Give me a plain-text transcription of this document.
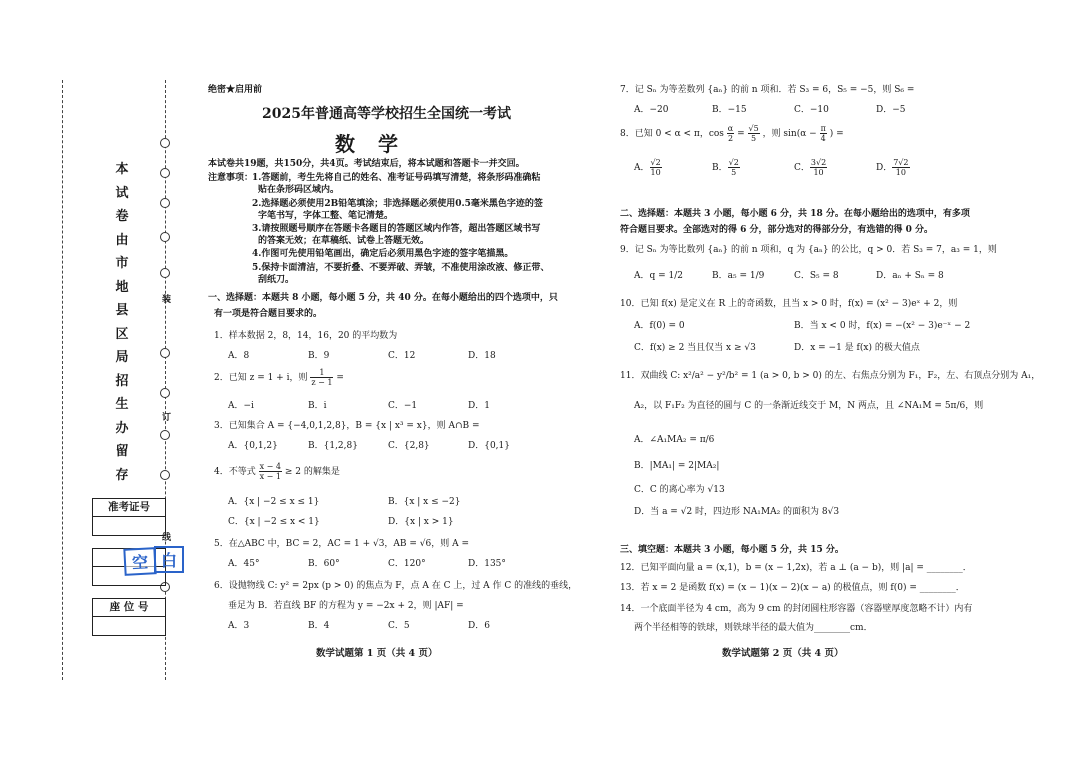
本
试
卷
由
市
地
县
区
局
招
生
办
留
存
装
订
线
准考证号
空 白
座 位 号
绝密★启用前
2025年普通高等学校招生全国统一考试
数 学
本试卷共19题，共150分，共4页。考试结束后，将本试题和答题卡一并交回。
注意事项：
1.答题前，考生先将自己的姓名、准考证号码填写清楚，将条形码准确粘
贴在条形码区域内。
2.选择题必须使用2B铅笔填涂；非选择题必须使用0.5毫米黑色字迹的签
字笔书写，字体工整、笔记清楚。
3.请按照题号顺序在答题卡各题目的答题区域内作答，超出答题区域书写
的答案无效；在草稿纸、试卷上答题无效。
4.作图可先使用铅笔画出，确定后必须用黑色字迹的签字笔描黑。
5.保持卡面清洁，不要折叠、不要弄破、弄皱，不准使用涂改液、修正带、
刮纸刀。
一、选择题：本题共 8 小题，每小题 5 分，共 40 分。在每小题给出的四个选项中，只
有一项是符合题目要求的。
1．样本数据 2，8，14，16，20 的平均数为
A．8	B．9	C．12	D．18
2．已知 z = 1 + i，则 $\frac{1}{z - 1}$ =
A．−i	B．i	C．−1	D．1
3．已知集合 A = {−4,0,1,2,8}，B = {x | x³ = x}，则 A∩B =
A．{0,1,2}	B．{1,2,8}	C．{2,8}	D．{0,1}
4．不等式 $\frac{x - 4}{x - 1} \ge 2$ 的解集是
A．{x | −2 ≤ x ≤ 1}	B．{x | x ≤ −2}
C．{x | −2 ≤ x < 1}	D．{x | x > 1}
5．在△ABC 中，BC = 2，AC = 1 + √3，AB = √6，则 A =
A．45°	B．60°	C．120°	D．135°
6．设抛物线 C: y² = 2px (p > 0) 的焦点为 F，点 A 在 C 上，过 A 作 C 的准线的垂线，
垂足为 B．若直线 BF 的方程为 y = −2x + 2，则 |AF| =
A．3	B．4	C．5	D．6
数学试题第 1 页（共 4 页）
7．记 Sₙ 为等差数列 {aₙ} 的前 n 项和．若 S₃ = 6，S₅ = −5，则 S₆ =
A．−20	B．−15	C．−10	D．−5
8．已知 0 < α < π，$\cos \frac{\alpha}{2} = \frac{√5}{5}$ ，则 $\sin(\alpha - \frac{\pi}{4}$ ) =
A． $\frac{√2}{10}$	B． $\frac{√2}{5}$	C． $\frac{3√2}{10}$	D． $\frac{7√2}{10}$
二、选择题：本题共 3 小题，每小题 6 分，共 18 分。在每小题给出的选项中，有多项
符合题目要求。全部选对的得 6 分，部分选对的得部分分，有选错的得 0 分。
9．记 Sₙ 为等比数列 {aₙ} 的前 n 项和，q 为 {aₙ} 的公比，q > 0．若 S₃ = 7，a₃ = 1，则
A．q = 1/2	B．a₅ = 1/9	C．S₅ = 8	D．aₙ + Sₙ = 8
10．已知 f(x) 是定义在 R 上的奇函数，且当 x > 0 时，f(x) = (x² − 3)eˣ + 2，则
A．f(0) = 0	B．当 x < 0 时，f(x) = −(x² − 3)e⁻ˣ − 2
C．f(x) ≥ 2 当且仅当 x ≥ √3	D．x = −1 是 f(x) 的极大值点
11．双曲线 C: x²/a² − y²/b² = 1 (a > 0, b > 0) 的左、右焦点分别为 F₁，F₂，左、右顶点分别为 A₁，
A₂，以 F₁F₂ 为直径的圆与 C 的一条渐近线交于 M，N 两点，且 ∠NA₁M = 5π/6，则
A．∠A₁MA₂ = π/6
B．|MA₁| = 2|MA₂|
C．C 的离心率为 √13
D．当 a = √2 时，四边形 NA₁MA₂ 的面积为 8√3
三、填空题：本题共 3 小题，每小题 5 分，共 15 分。
12．已知平面向量 a = (x,1)，b = (x − 1,2x)，若 a ⊥ (a − b)，则 |a| = ________．
13．若 x = 2 是函数 f(x) = (x − 1)(x − 2)(x − a) 的极值点，则 f(0) = ________．
14．一个底面半径为 4 cm，高为 9 cm 的封闭圆柱形容器（容器壁厚度忽略不计）内有
两个半径相等的铁球，则铁球半径的最大值为________cm．
数学试题第 2 页（共 4 页）
